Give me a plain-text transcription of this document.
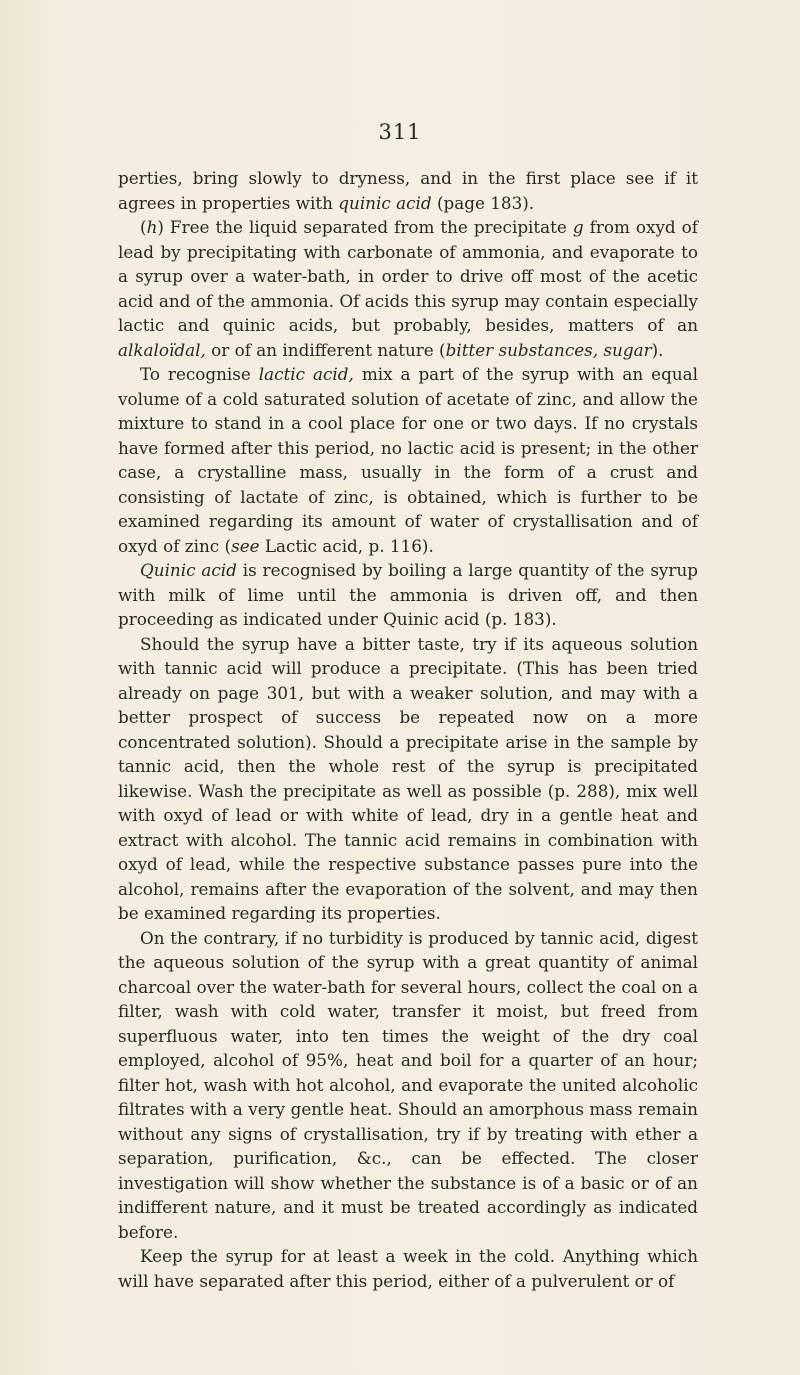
311

perties, bring slowly to dryness, and in the first place see if it agrees in properties with quinic acid (page 183).

(h) Free the liquid separated from the precipitate g from oxyd of lead by precipitating with carbonate of ammonia, and evaporate to a syrup over a water-bath, in order to drive off most of the acetic acid and of the ammonia. Of acids this syrup may contain especially lactic and quinic acids, but probably, besides, matters of an alkaloïdal, or of an indifferent nature (bitter substances, sugar).

To recognise lactic acid, mix a part of the syrup with an equal volume of a cold saturated solution of acetate of zinc, and allow the mixture to stand in a cool place for one or two days. If no crystals have formed after this period, no lactic acid is present; in the other case, a crystalline mass, usually in the form of a crust and consisting of lactate of zinc, is obtained, which is further to be examined regarding its amount of water of crystallisation and of oxyd of zinc (see Lactic acid, p. 116).

Quinic acid is recognised by boiling a large quantity of the syrup with milk of lime until the ammonia is driven off, and then proceeding as indicated under Quinic acid (p. 183).

Should the syrup have a bitter taste, try if its aqueous solution with tannic acid will produce a precipitate. (This has been tried already on page 301, but with a weaker solution, and may with a better prospect of success be repeated now on a more concentrated solution). Should a precipitate arise in the sample by tannic acid, then the whole rest of the syrup is precipitated likewise. Wash the precipitate as well as possible (p. 288), mix well with oxyd of lead or with white of lead, dry in a gentle heat and extract with alcohol. The tannic acid remains in combination with oxyd of lead, while the respective substance passes pure into the alcohol, remains after the evaporation of the solvent, and may then be examined regarding its properties.

On the contrary, if no turbidity is produced by tannic acid, digest the aqueous solution of the syrup with a great quantity of animal charcoal over the water-bath for several hours, collect the coal on a filter, wash with cold water, transfer it moist, but freed from superfluous water, into ten times the weight of the dry coal employed, alcohol of 95%, heat and boil for a quarter of an hour; filter hot, wash with hot alcohol, and evaporate the united alcoholic filtrates with a very gentle heat. Should an amorphous mass remain without any signs of crystallisation, try if by treating with ether a separation, purification, &c., can be effected. The closer investigation will show whether the substance is of a basic or of an indifferent nature, and it must be treated accordingly as indicated before.

Keep the syrup for at least a week in the cold. Anything which will have separated after this period, either of a pulverulent or of
